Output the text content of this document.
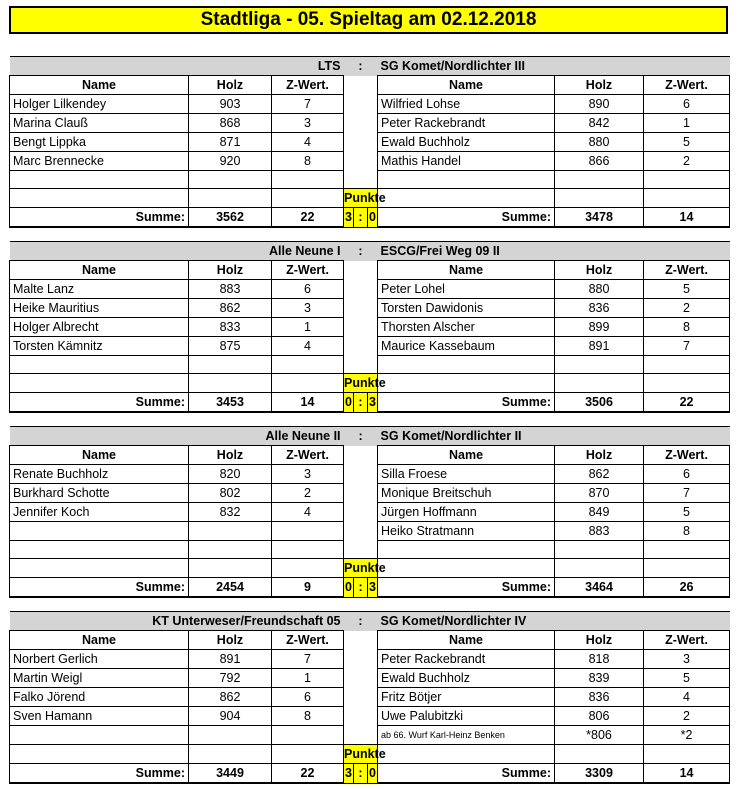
Stadtliga - 05. Spieltag am 02.12.2018
LTS			:			SG Komet/Nordlichter III		
Name	Holz	Z-Wert.				Name	Holz	Z-Wert.
Holger Lilkendey	903	7				Wilfried Lohse	890	6
Marina Clauß	868	3				Peter Rackebrandt	842	1
Bengt Lippka	871	4				Ewald Buchholz	880	5
Marc Brennecke	920	8				Mathis Handel	866	2

			Punkte					
Summe:	3562	22	3	:	0	Summe:	3478	14
Alle Neune I			:			ESCG/Frei Weg 09 II		
Name	Holz	Z-Wert.				Name	Holz	Z-Wert.
Malte Lanz	883	6				Peter Lohel	880	5
Heike Mauritius	862	3				Torsten Dawidonis	836	2
Holger Albrecht	833	1				Thorsten Alscher	899	8
Torsten Kämnitz	875	4				Maurice Kassebaum	891	7

			Punkte					
Summe:	3453	14	0	:	3	Summe:	3506	22
Alle Neune II			:			SG Komet/Nordlichter II		
Name	Holz	Z-Wert.				Name	Holz	Z-Wert.
Renate Buchholz	820	3				Silla Froese	862	6
Burkhard Schotte	802	2				Monique Breitschuh	870	7
Jennifer Koch	832	4				Jürgen Hoffmann	849	5
						Heiko Stratmann	883	8

			Punkte					
Summe:	2454	9	0	:	3	Summe:	3464	26
KT Unterweser/Freundschaft 05			:			SG Komet/Nordlichter IV		
Name	Holz	Z-Wert.				Name	Holz	Z-Wert.
Norbert Gerlich	891	7				Peter Rackebrandt	818	3
Martin Weigl	792	1				Ewald Buchholz	839	5
Falko Jörend	862	6				Fritz Bötjer	836	4
Sven Hamann	904	8				Uwe Palubitzki	806	2
						ab 66. Wurf Karl-Heinz Benken	*806	*2
			Punkte					
Summe:	3449	22	3	:	0	Summe:	3309	14
